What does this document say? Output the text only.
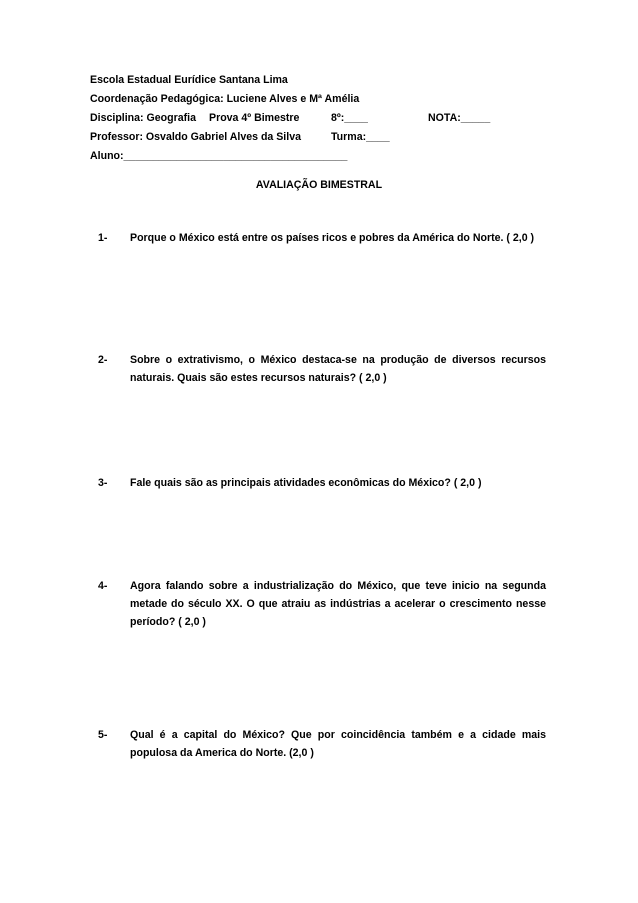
Escola Estadual Eurídice Santana Lima
Coordenação Pedagógica: Luciene Alves e Mª Amélia
Disciplina: Geografia Prova 4º Bimestre	8º:____	NOTA:_____
Professor: Osvaldo Gabriel Alves da Silva	Turma:____
Aluno:______________________________________
AVALIAÇÃO BIMESTRAL
1- Porque o México está entre os países ricos e pobres da América do Norte. ( 2,0 )
2- Sobre o extrativismo, o México destaca-se na produção de diversos recursos naturais. Quais são estes recursos naturais? ( 2,0 )
3- Fale quais são as principais atividades econômicas do México? ( 2,0 )
4- Agora falando sobre a industrialização do México, que teve inicio na segunda metade do século XX. O que atraiu as indústrias a acelerar o crescimento nesse período? ( 2,0 )
5- Qual é a capital do México? Que por coincidência também e a cidade mais populosa da America do Norte. (2,0 )
